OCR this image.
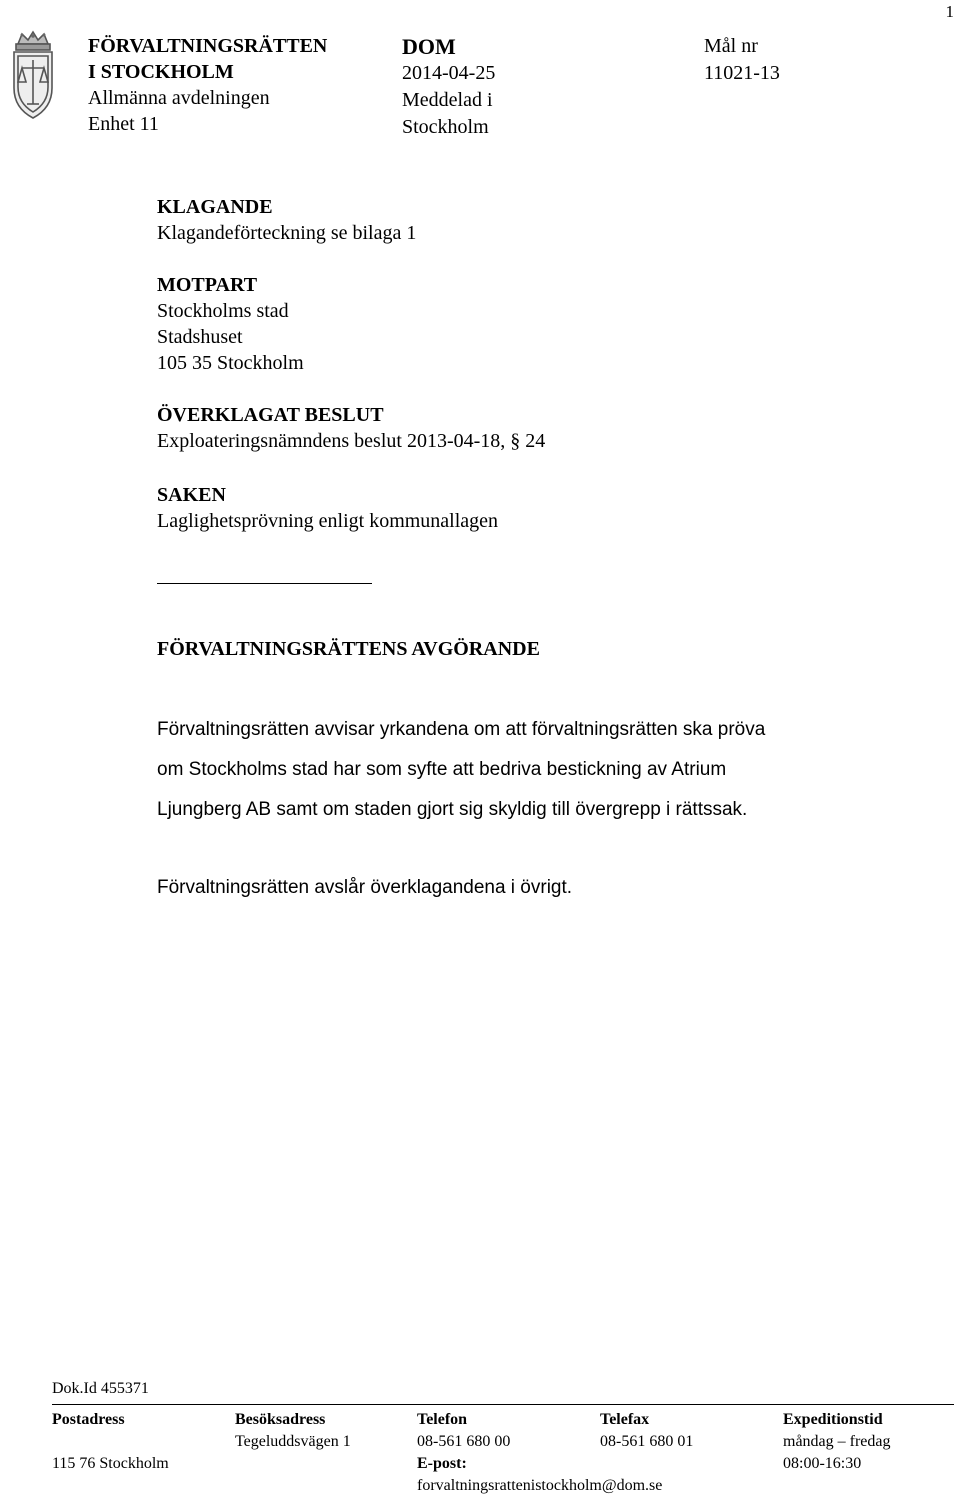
1
FÖRVALTNINGSRÄTTEN
I STOCKHOLM
Allmänna avdelningen
Enhet 11
DOM
2014-04-25
Meddelad i
Stockholm
Mål nr
11021-13
KLAGANDE
Klagandeförteckning se bilaga 1
MOTPART
Stockholms stad
Stadshuset
105 35 Stockholm
ÖVERKLAGAT BESLUT
Exploateringsnämndens beslut 2013-04-18, § 24
SAKEN
Laglighetsprövning enligt kommunallagen
FÖRVALTNINGSRÄTTENS AVGÖRANDE
Förvaltningsrätten avvisar yrkandena om att förvaltningsrätten ska pröva
om Stockholms stad har som syfte att bedriva bestickning av Atrium
Ljungberg AB samt om staden gjort sig skyldig till övergrepp i rättssak.
Förvaltningsrätten avslår överklagandena i övrigt.
Dok.Id 455371
Postadress

115 76 Stockholm
Besöksadress
Tegeluddsvägen 1
Telefon
08-561 680 00
E-post:
forvaltningsrattenistockholm@dom.se
Telefax
08-561 680 01
Expeditionstid
måndag – fredag
08:00-16:30
